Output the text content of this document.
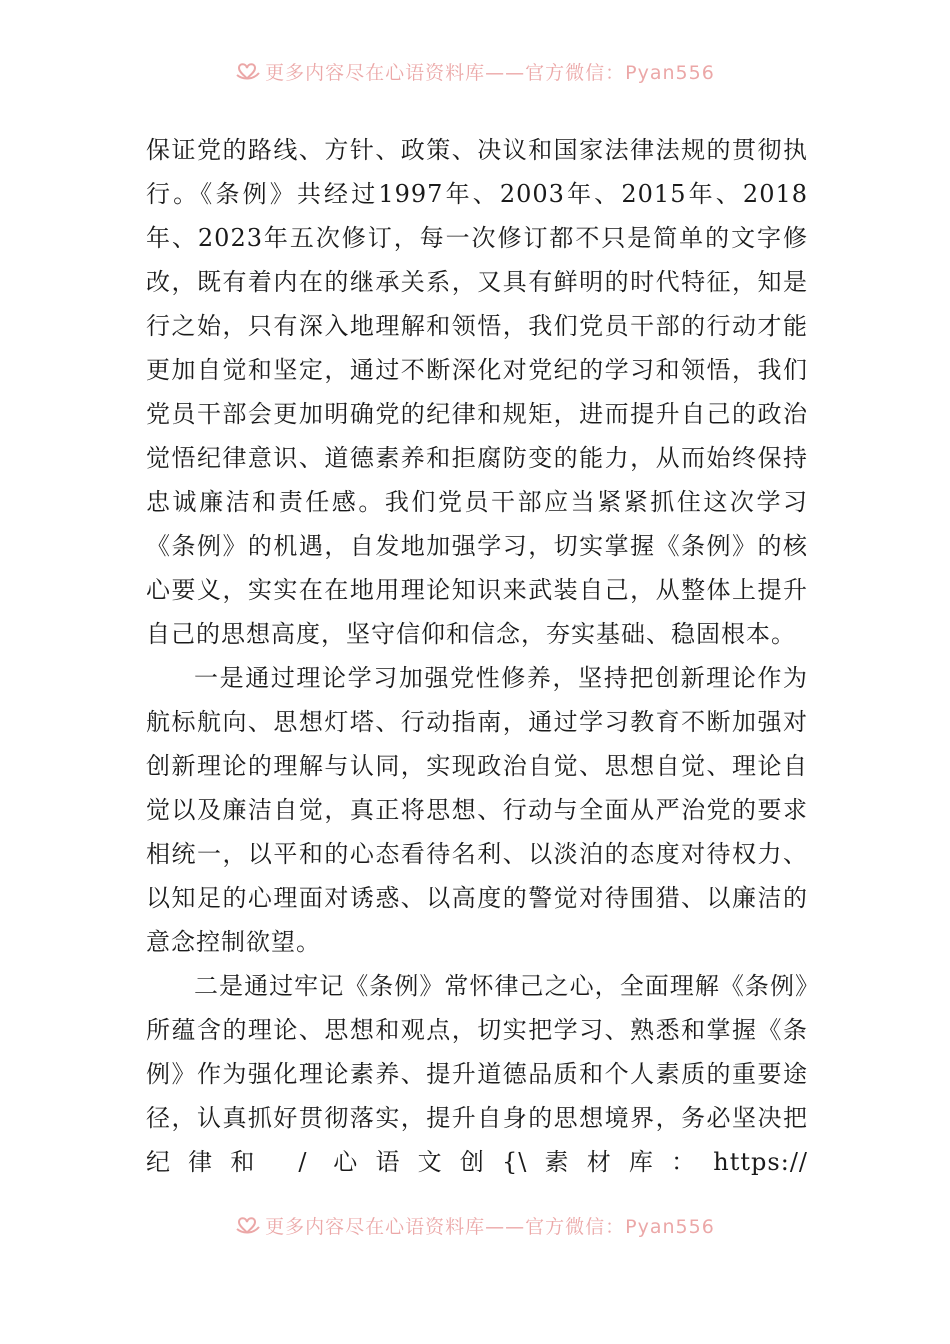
更多内容尽在心语资料库——官方微信：Pyan556

保证党的路线、方针、政策、决议和国家法律法规的贯彻执行。《条例》共经过1997年、2003年、2015年、2018年、2023年五次修订，每一次修订都不只是简单的文字修改，既有着内在的继承关系，又具有鲜明的时代特征，知是行之始，只有深入地理解和领悟，我们党员干部的行动才能更加自觉和坚定，通过不断深化对党纪的学习和领悟，我们党员干部会更加明确党的纪律和规矩，进而提升自己的政治觉悟纪律意识、道德素养和拒腐防变的能力，从而始终保持忠诚廉洁和责任感。我们党员干部应当紧紧抓住这次学习《条例》的机遇，自发地加强学习，切实掌握《条例》的核心要义，实实在在地用理论知识来武装自己，从整体上提升自己的思想高度，坚守信仰和信念，夯实基础、稳固根本。

一是通过理论学习加强党性修养，坚持把创新理论作为航标航向、思想灯塔、行动指南，通过学习教育不断加强对创新理论的理解与认同，实现政治自觉、思想自觉、理论自觉以及廉洁自觉，真正将思想、行动与全面从严治党的要求相统一，以平和的心态看待名利、以淡泊的态度对待权力、以知足的心理面对诱惑、以高度的警觉对待围猎、以廉洁的意念控制欲望。

二是通过牢记《条例》常怀律己之心，全面理解《条例》所蕴含的理论、思想和观点，切实把学习、熟悉和掌握《条例》作为强化理论素养、提升道德品质和个人素质的重要途径，认真抓好贯彻落实，提升自身的思想境界，务必坚决把纪律和 / 心语文创{\素材库：https://

更多内容尽在心语资料库——官方微信：Pyan556
